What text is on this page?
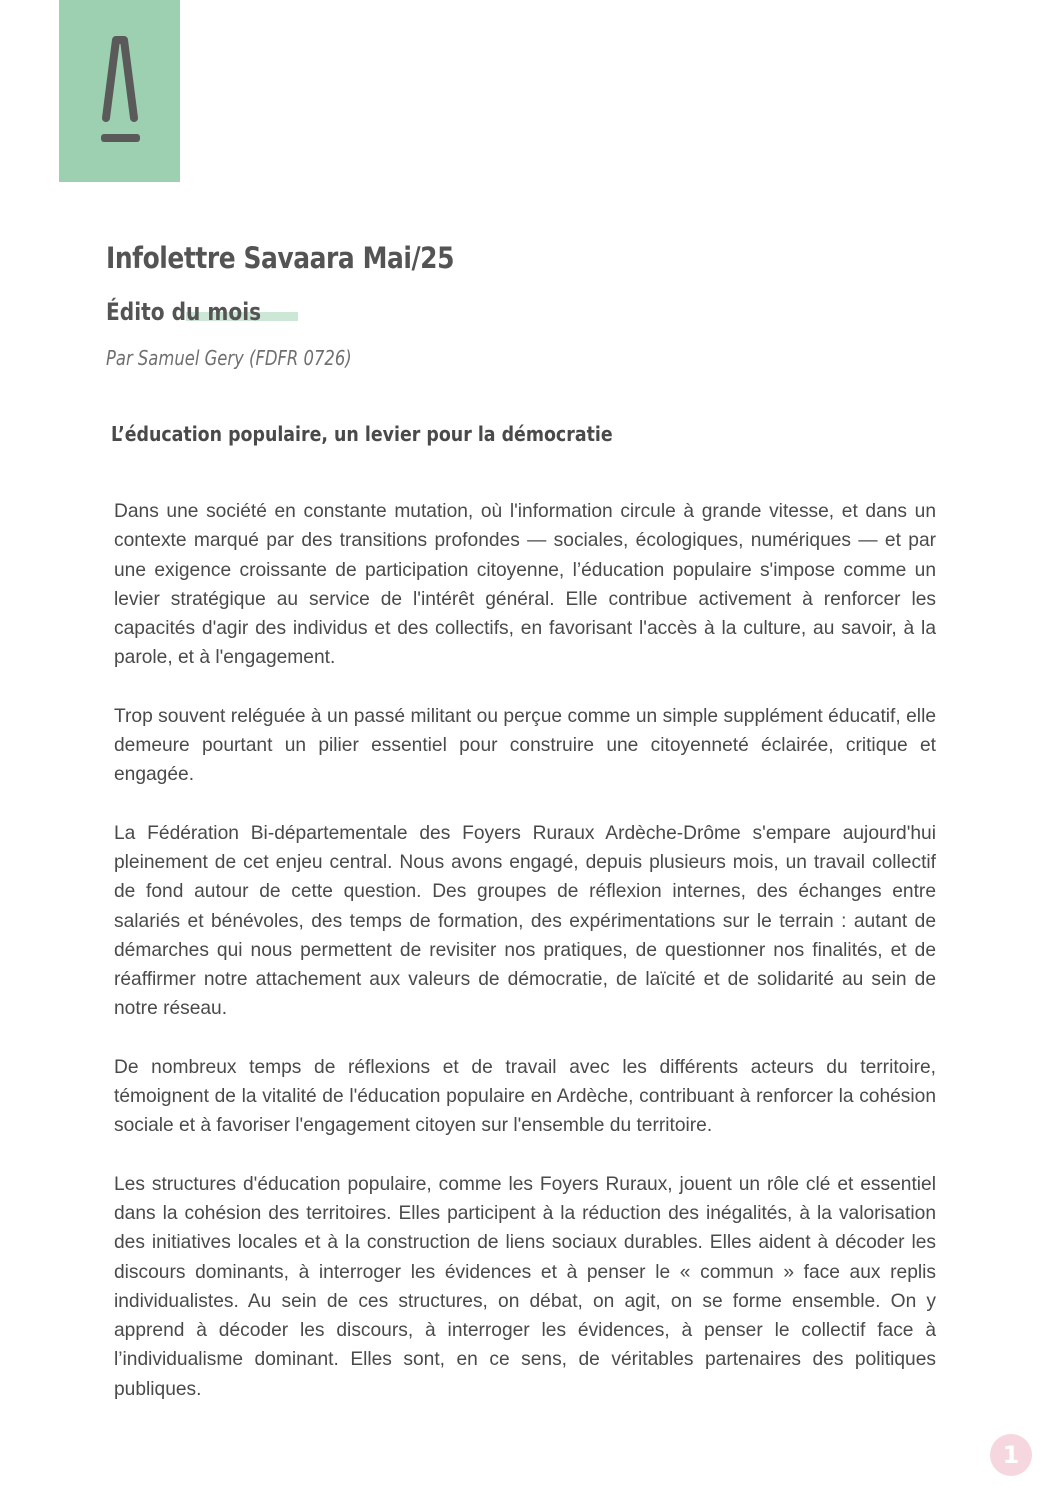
Infolettre Savaara Mai/25
Édito du mois

Par Samuel Gery (FDFR 0726)

L’éducation populaire, un levier pour la démocratie

Dans une société en constante mutation, où l'information circule à grande vitesse, et dans un contexte marqué par des transitions profondes — sociales, écologiques, numériques — et par une exigence croissante de participation citoyenne, l’éducation populaire s'impose comme un levier stratégique au service de l'intérêt général. Elle contribue activement à renforcer les capacités d'agir des individus et des collectifs, en favorisant l'accès à la culture, au savoir, à la parole, et à l'engagement.

Trop souvent reléguée à un passé militant ou perçue comme un simple supplément éducatif, elle demeure pourtant un pilier essentiel pour construire une citoyenneté éclairée, critique et engagée.

La Fédération Bi-départementale des Foyers Ruraux Ardèche-Drôme s'empare aujourd'hui pleinement de cet enjeu central. Nous avons engagé, depuis plusieurs mois, un travail collectif de fond autour de cette question. Des groupes de réflexion internes, des échanges entre salariés et bénévoles, des temps de formation, des expérimentations sur le terrain : autant de démarches qui nous permettent de revisiter nos pratiques, de questionner nos finalités, et de réaffirmer notre attachement aux valeurs de démocratie, de laïcité et de solidarité au sein de notre réseau.

De nombreux temps de réflexions et de travail avec les différents acteurs du territoire, témoignent de la vitalité de l'éducation populaire en Ardèche, contribuant à renforcer la cohésion sociale et à favoriser l'engagement citoyen sur l'ensemble du territoire.

Les structures d'éducation populaire, comme les Foyers Ruraux, jouent un rôle clé et essentiel dans la cohésion des territoires. Elles participent à la réduction des inégalités, à la valorisation des initiatives locales et à la construction de liens sociaux durables. Elles aident à décoder les discours dominants, à interroger les évidences et à penser le « commun » face aux replis individualistes. Au sein de ces structures, on débat, on agit, on se forme ensemble. On y apprend à décoder les discours, à interroger les évidences, à penser le collectif face à l’individualisme dominant. Elles sont, en ce sens, de véritables partenaires des politiques publiques.

1
